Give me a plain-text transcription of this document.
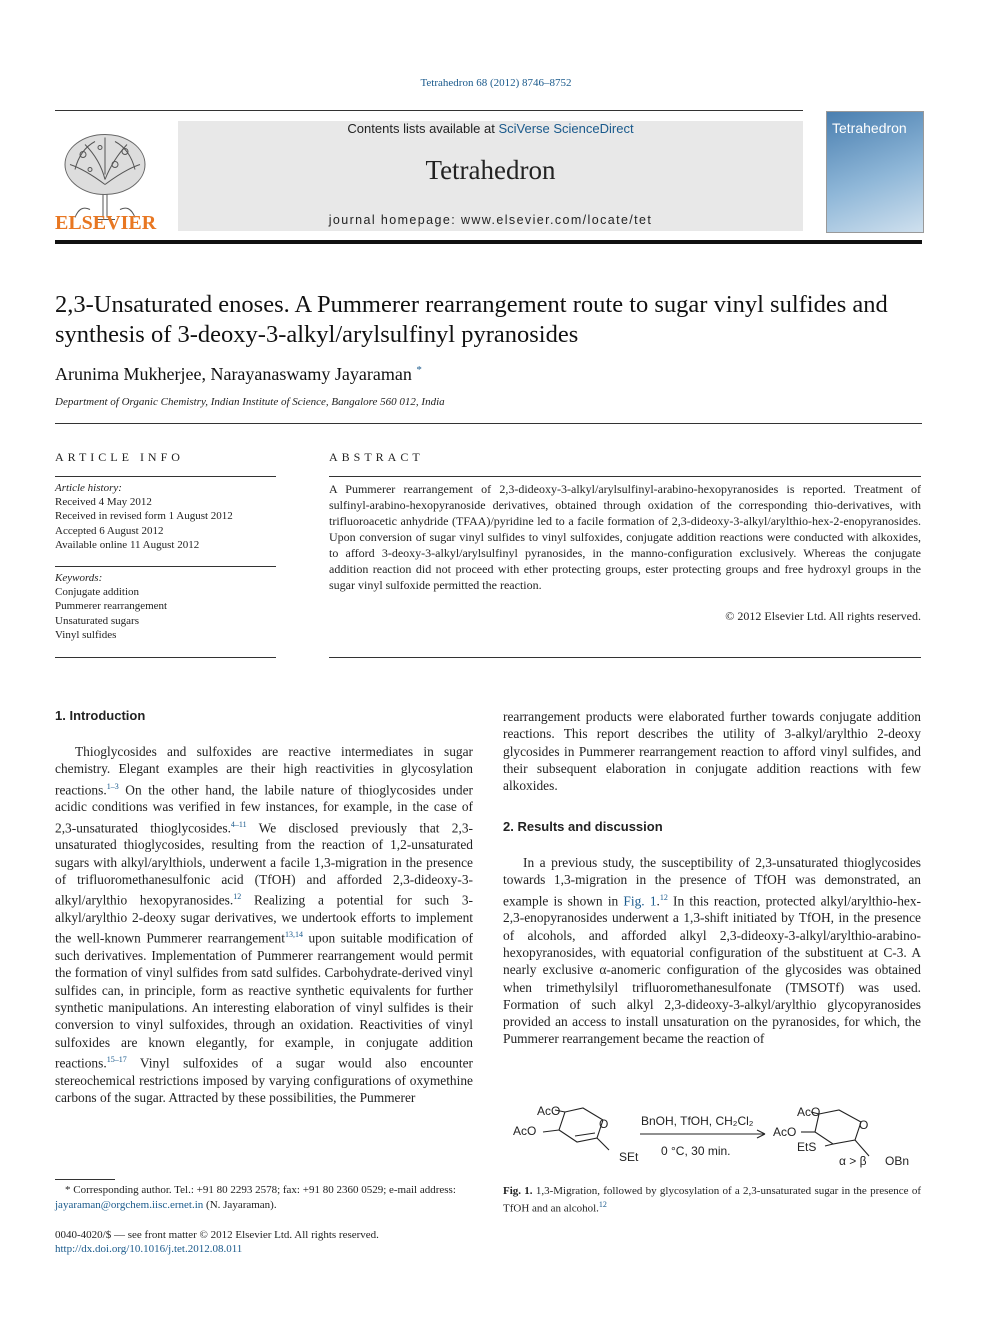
Tetrahedron 68 (2012) 8746–8752
ELSEVIER
Contents lists available at SciVerse ScienceDirect
Tetrahedron
journal homepage: www.elsevier.com/locate/tet
Tetrahedron
2,3-Unsaturated enoses. A Pummerer rearrangement route to sugar vinyl sulfides and synthesis of 3-deoxy-3-alkyl/arylsulfinyl pyranosides
Arunima Mukherjee, Narayanaswamy Jayaraman *
Department of Organic Chemistry, Indian Institute of Science, Bangalore 560 012, India
ARTICLE INFO
Article history:
Received 4 May 2012
Received in revised form 1 August 2012
Accepted 6 August 2012
Available online 11 August 2012
Keywords:
Conjugate addition
Pummerer rearrangement
Unsaturated sugars
Vinyl sulfides
ABSTRACT
A Pummerer rearrangement of 2,3-dideoxy-3-alkyl/arylsulfinyl-arabino-hexopyranosides is reported. Treatment of sulfinyl-arabino-hexopyranoside derivatives, obtained through oxidation of the corresponding thio-derivatives, with trifluoroacetic anhydride (TFAA)/pyridine led to a facile formation of 2,3-dideoxy-3-alkyl/arylthio-hex-2-enopyranosides. Upon conversion of sugar vinyl sulfides to vinyl sulfoxides, conjugate addition reactions were conducted with alkoxides, to afford 3-deoxy-3-alkyl/arylsulfinyl pyranosides, in the manno-configuration exclusively. Whereas the conjugate addition reaction did not proceed with ether protecting groups, ester protecting groups and free hydroxyl groups in the sugar vinyl sulfoxide permitted the reaction.
© 2012 Elsevier Ltd. All rights reserved.
1. Introduction

Thioglycosides and sulfoxides are reactive intermediates in sugar chemistry. Elegant examples are their high reactivities in glycosylation reactions.$^{1-3}$ On the other hand, the labile nature of thioglycosides under acidic conditions was verified in few instances, for example, in the case of 2,3-unsaturated thioglycosides.$^{4-11}$ We disclosed previously that 2,3-unsaturated thioglycosides, resulting from the reaction of 1,2-unsaturated sugars with alkyl/arylthiols, underwent a facile 1,3-migration in the presence of trifluoromethanesulfonic acid (TfOH) and afforded 2,3-dideoxy-3-alkyl/arylthio hexopyranosides.$^{12}$ Realizing a potential for such 3-alkyl/arylthio 2-deoxy sugar derivatives, we undertook efforts to implement the well-known Pummerer rearrangement$^{13,14}$ upon suitable modification of such derivatives. Implementation of Pummerer rearrangement would permit the formation of vinyl sulfides from satd sulfides. Carbohydrate-derived vinyl sulfides can, in principle, form as reactive synthetic equivalents for further synthetic manipulations. An interesting elaboration of vinyl sulfides is their conversion to vinyl sulfoxides, through an oxidation. Reactivities of vinyl sulfoxides are known elegantly, for example, in conjugate addition reactions.$^{15-17}$ Vinyl sulfoxides of a sugar would also encounter stereochemical restrictions imposed by varying configurations of oxymethine carbons of the sugar. Attracted by these possibilities, the Pummerer

rearrangement products were elaborated further towards conjugate addition reactions. This report describes the utility of 3-alkyl/arylthio 2-deoxy glycosides in Pummerer rearrangement reaction to afford vinyl sulfides, and their subsequent elaboration in conjugate addition reactions with few alkoxides.

2. Results and discussion

In a previous study, the susceptibility of 2,3-unsaturated thioglycosides towards 1,3-migration in the presence of TfOH was demonstrated, an example is shown in Fig. 1.12 In this reaction, protected alkyl/arylthio-hex-2,3-enopyranosides underwent a 1,3-shift initiated by TfOH, in the presence of alcohols, and afforded alkyl 2,3-dideoxy-3-alkyl/arylthio-arabino-hexopyranosides, with equatorial configuration of the substituent at C-3. A nearly exclusive α-anomeric configuration of the glycosides was obtained when trimethylsilyl trifluoromethanesulfonate (TMSOTf) was used. Formation of such alkyl 2,3-dideoxy-3-alkyl/arylthio glycopyranosides provided an access to install unsaturation on the pyranosides, for which, the Pummerer rearrangement became the reaction of

AcO
AcO	O
SEt
AcO
AcO	O
EtS
OBn
BnOH, TfOH, CH₂Cl₂
0 °C, 30 min.
α > β
Fig. 1. 1,3-Migration, followed by glycosylation of a 2,3-unsaturated sugar in the presence of TfOH and an alcohol.$^{12}$
* Corresponding author. Tel.: +91 80 2293 2578; fax: +91 80 2360 0529; e-mail address: jayaraman@orgchem.iisc.ernet.in (N. Jayaraman).
0040-4020/$ — see front matter © 2012 Elsevier Ltd. All rights reserved.
http://dx.doi.org/10.1016/j.tet.2012.08.011
